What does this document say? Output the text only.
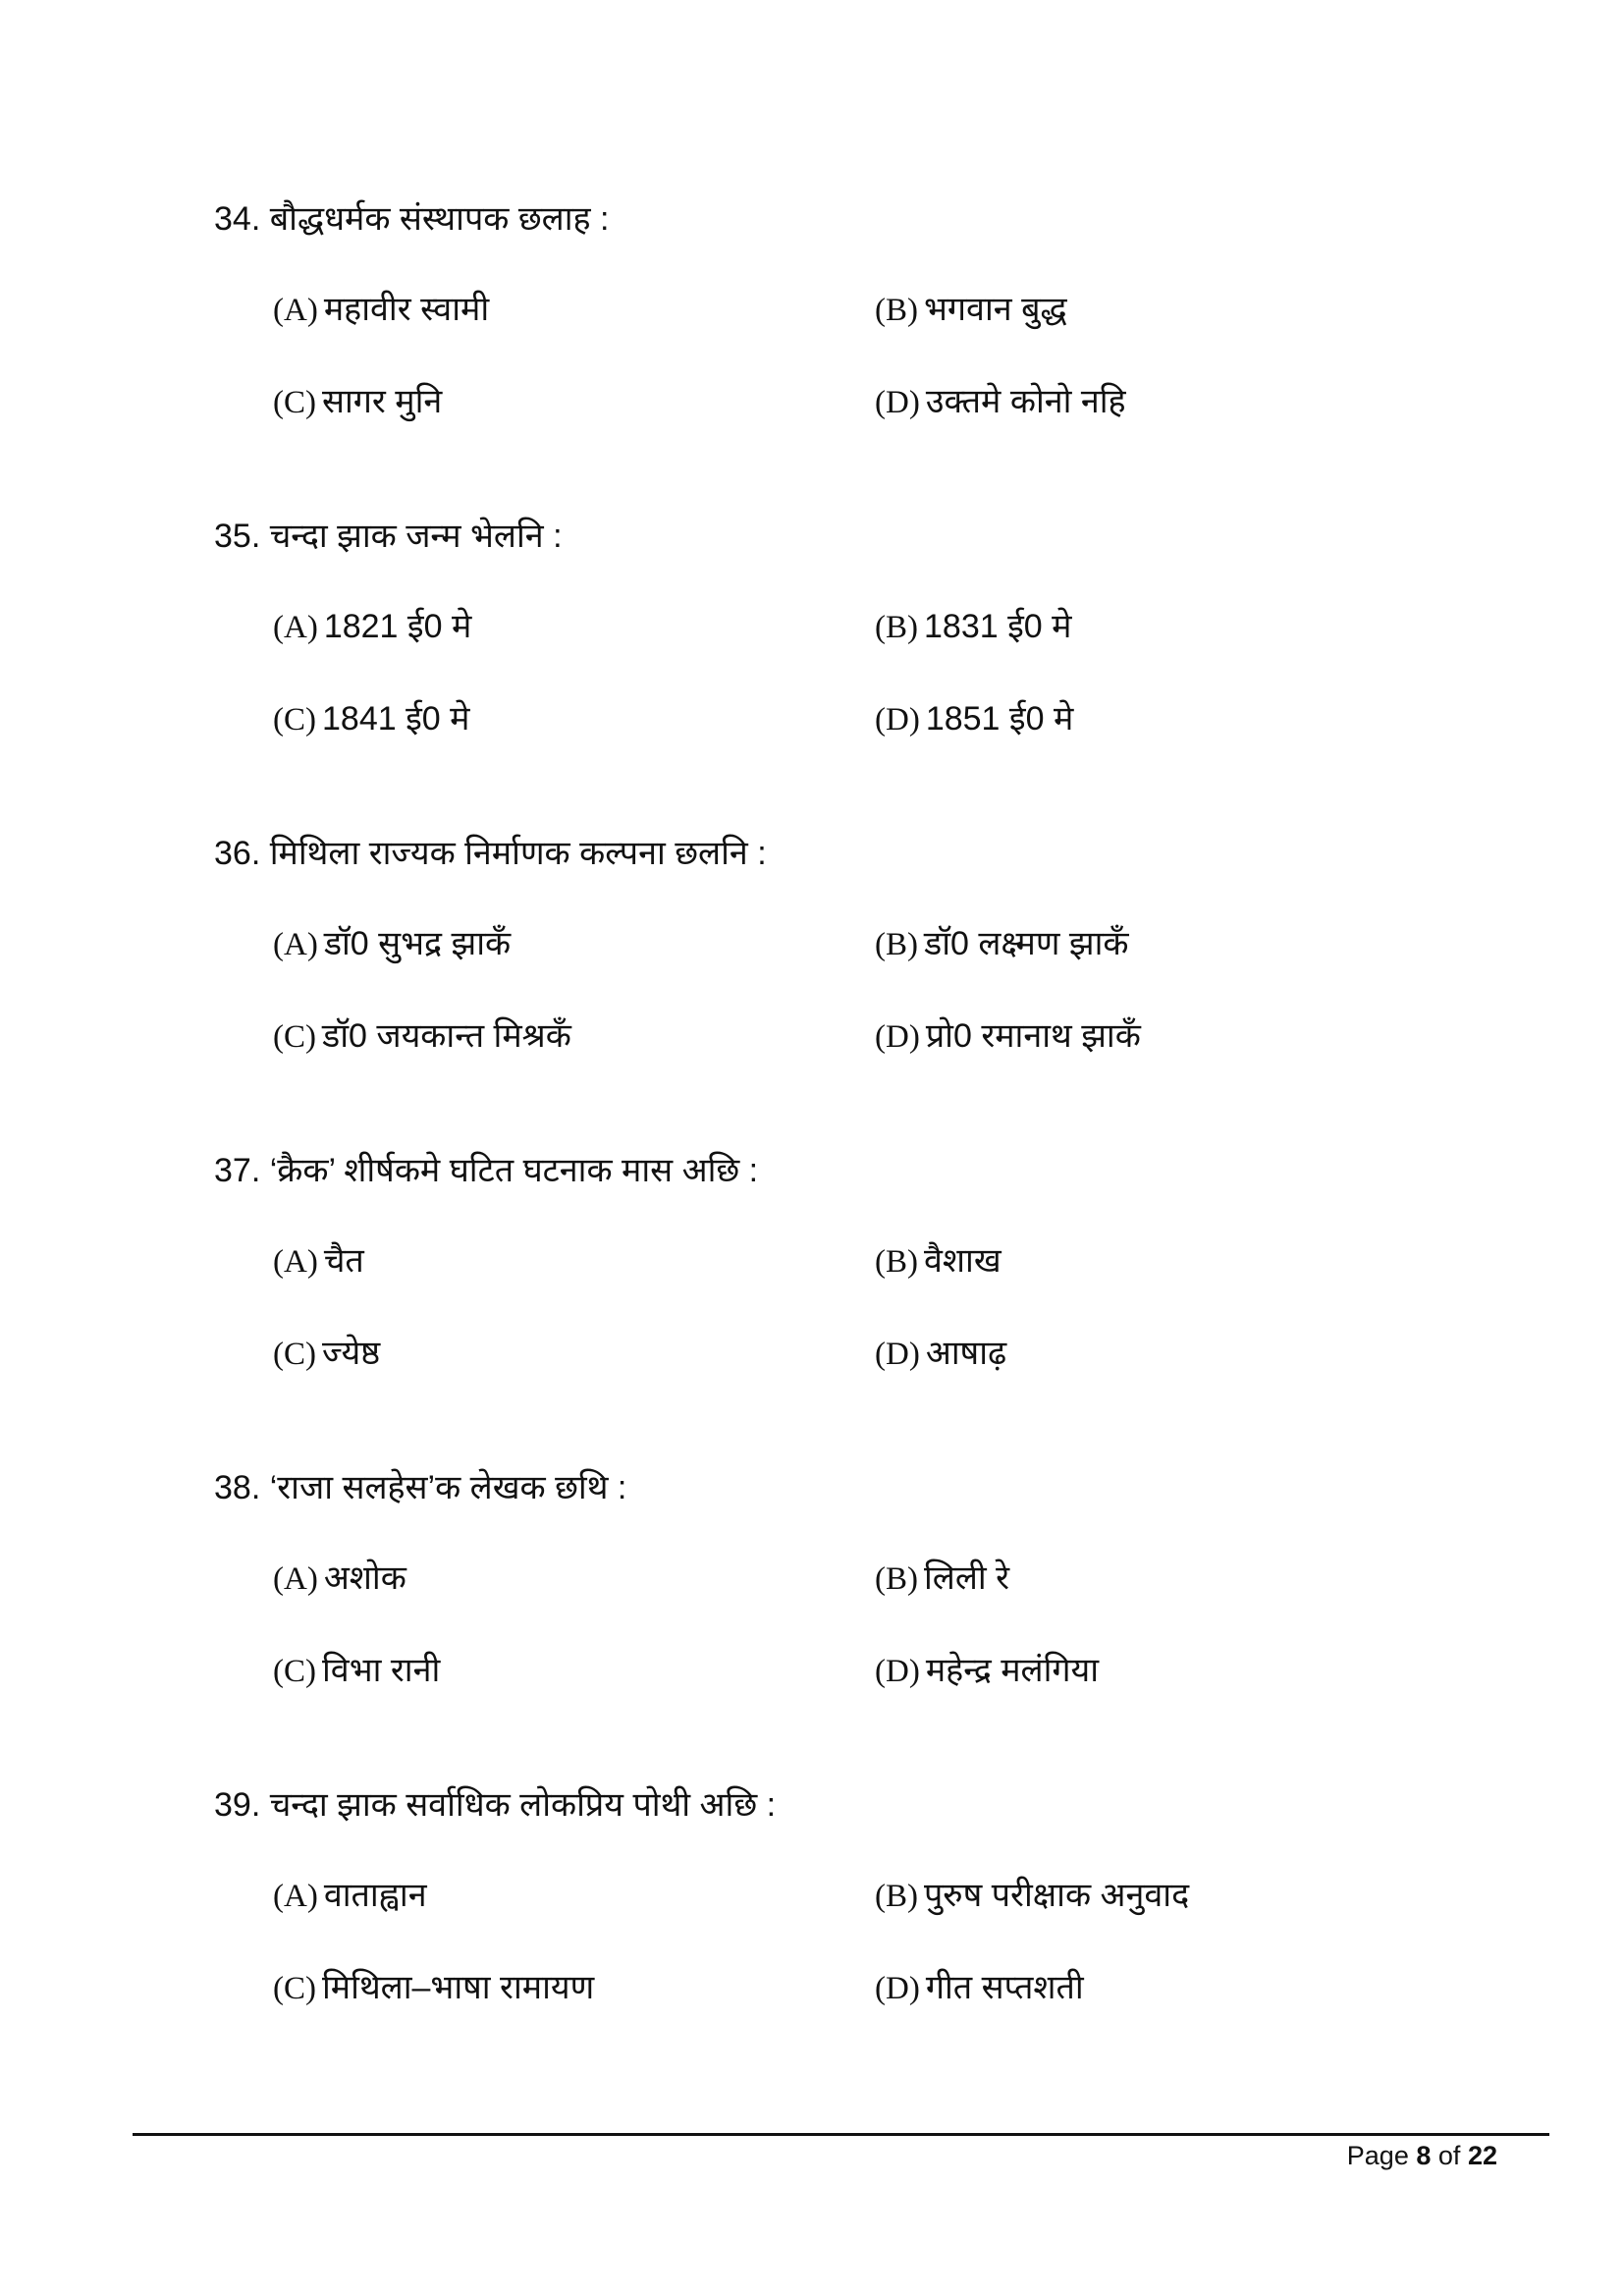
34. बौद्धधर्मक संस्थापक छलाह :
(A) महावीर स्वामी	(B) भगवान बुद्ध
(C) सागर मुनि	(D) उक्तमे कोनो नहि
35. चन्दा झाक जन्म भेलनि :
(A) 1821 ई0 मे	(B) 1831 ई0 मे
(C) 1841 ई0 मे	(D) 1851 ई0 मे
36. मिथिला राज्यक निर्माणक कल्पना छलनि :
(A) डॉ0 सुभद्र झाकँ	(B) डॉ0 लक्ष्मण झाकँ
(C) डॉ0 जयकान्त मिश्रकँ	(D) प्रो0 रमानाथ झाकँ
37. ‘क्रैक’ शीर्षकमे घटित घटनाक मास अछि :
(A) चैत	(B) वैशाख
(C) ज्येष्ठ	(D) आषाढ़
38. ‘राजा सलहेस’क लेखक छथि :
(A) अशोक	(B) लिली रे
(C) विभा रानी	(D) महेन्द्र मलंगिया
39. चन्दा झाक सर्वाधिक लोकप्रिय पोथी अछि :
(A) वाताह्वान	(B) पुरुष परीक्षाक अनुवाद
(C) मिथिला–भाषा रामायण	(D) गीत सप्तशती
Page 8 of 22
